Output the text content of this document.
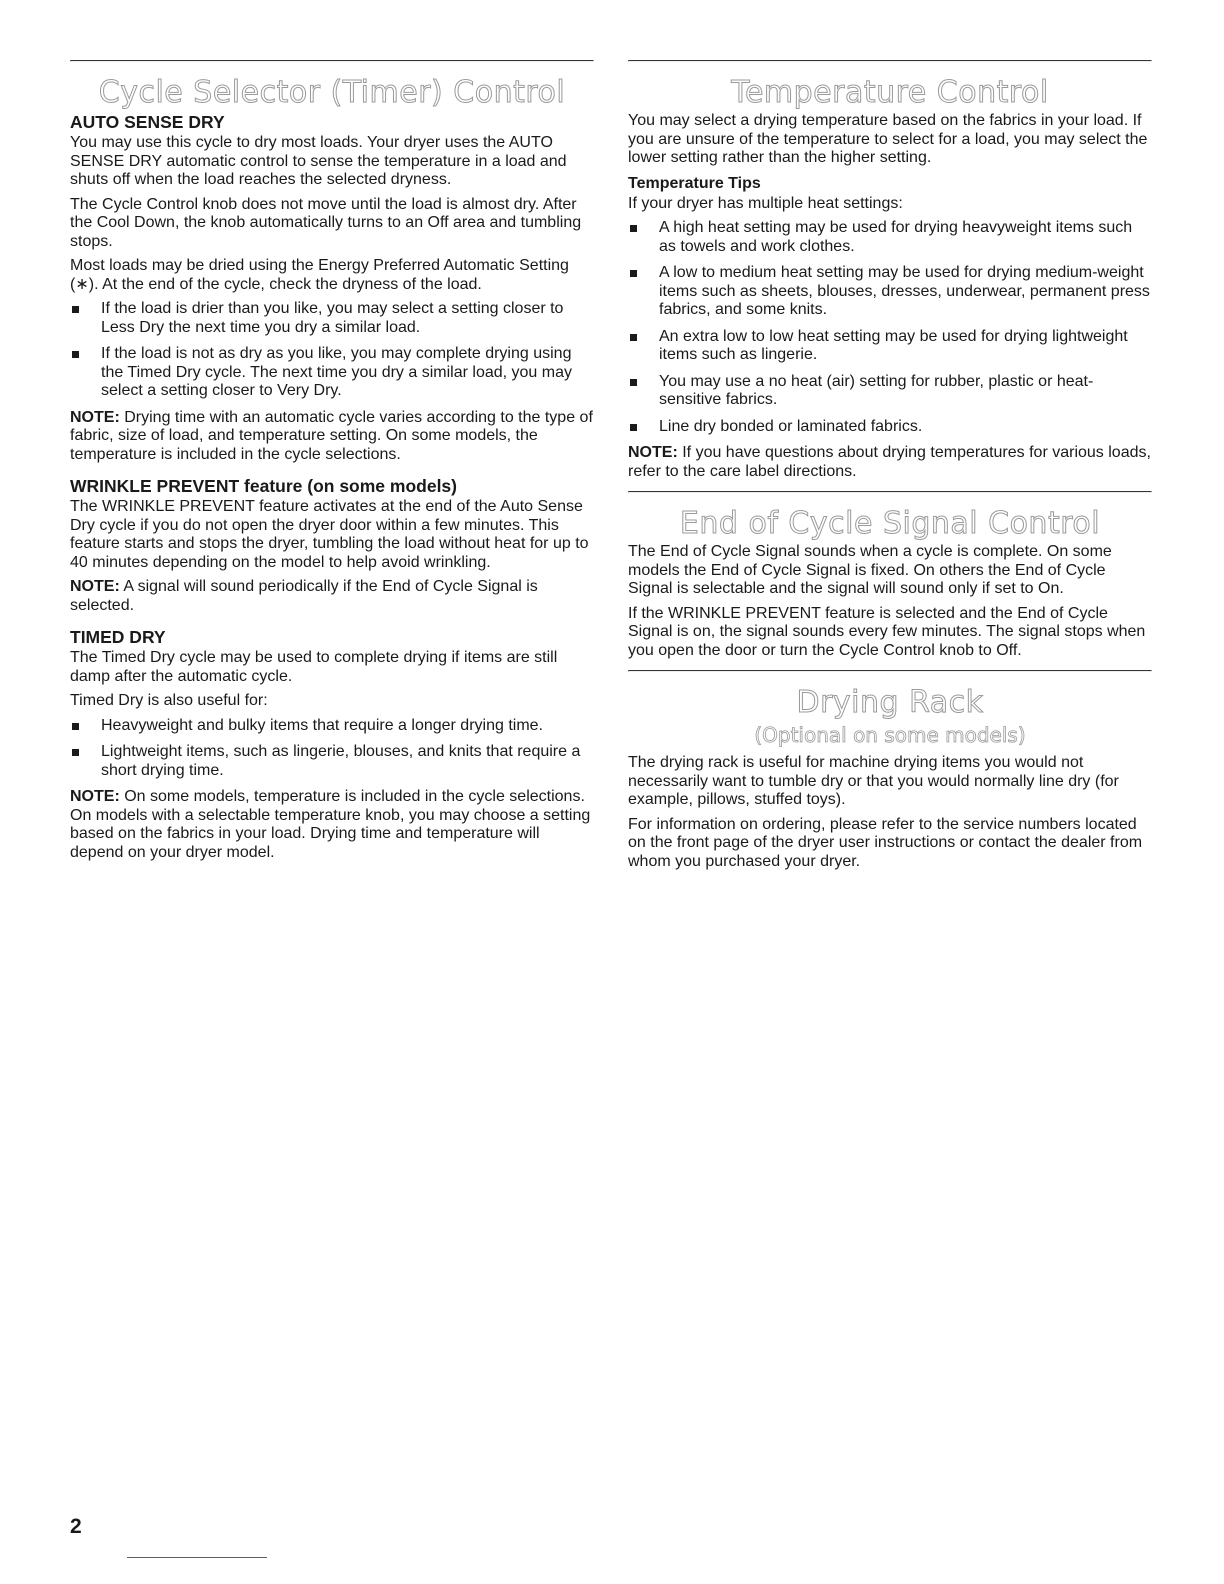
Cycle Selector (Timer) Control
AUTO SENSE DRY

You may use this cycle to dry most loads. Your dryer uses the AUTO SENSE DRY automatic control to sense the temperature in a load and shuts off when the load reaches the selected dryness.

The Cycle Control knob does not move until the load is almost dry. After the Cool Down, the knob automatically turns to an Off area and tumbling stops.

Most loads may be dried using the Energy Preferred Automatic Setting (∗). At the end of the cycle, check the dryness of the load.

If the load is drier than you like, you may select a setting closer to Less Dry the next time you dry a similar load.
If the load is not as dry as you like, you may complete drying using the Timed Dry cycle. The next time you dry a similar load, you may select a setting closer to Very Dry.

NOTE: Drying time with an automatic cycle varies according to the type of fabric, size of load, and temperature setting. On some models, the temperature is included in the cycle selections.

WRINKLE PREVENT feature (on some models)

The WRINKLE PREVENT feature activates at the end of the Auto Sense Dry cycle if you do not open the dryer door within a few minutes. This feature starts and stops the dryer, tumbling the load without heat for up to 40 minutes depending on the model to help avoid wrinkling.

NOTE: A signal will sound periodically if the End of Cycle Signal is selected.

TIMED DRY

The Timed Dry cycle may be used to complete drying if items are still damp after the automatic cycle.

Timed Dry is also useful for:

Heavyweight and bulky items that require a longer drying time.
Lightweight items, such as lingerie, blouses, and knits that require a short drying time.

NOTE: On some models, temperature is included in the cycle selections. On models with a selectable temperature knob, you may choose a setting based on the fabrics in your load. Drying time and temperature will depend on your dryer model.

Temperature Control

You may select a drying temperature based on the fabrics in your load. If you are unsure of the temperature to select for a load, you may select the lower setting rather than the higher setting.

Temperature Tips

If your dryer has multiple heat settings:

A high heat setting may be used for drying heavyweight items such as towels and work clothes.
A low to medium heat setting may be used for drying medium-weight items such as sheets, blouses, dresses, underwear, permanent press fabrics, and some knits.
An extra low to low heat setting may be used for drying lightweight items such as lingerie.
You may use a no heat (air) setting for rubber, plastic or heat-sensitive fabrics.
Line dry bonded or laminated fabrics.

NOTE: If you have questions about drying temperatures for various loads, refer to the care label directions.

End of Cycle Signal Control

The End of Cycle Signal sounds when a cycle is complete. On some models the End of Cycle Signal is fixed. On others the End of Cycle Signal is selectable and the signal will sound only if set to On.

If the WRINKLE PREVENT feature is selected and the End of Cycle Signal is on, the signal sounds every few minutes. The signal stops when you open the door or turn the Cycle Control knob to Off.

Drying Rack
(Optional on some models)

The drying rack is useful for machine drying items you would not necessarily want to tumble dry or that you would normally line dry (for example, pillows, stuffed toys).

For information on ordering, please refer to the service numbers located on the front page of the dryer user instructions or contact the dealer from whom you purchased your dryer.

2
